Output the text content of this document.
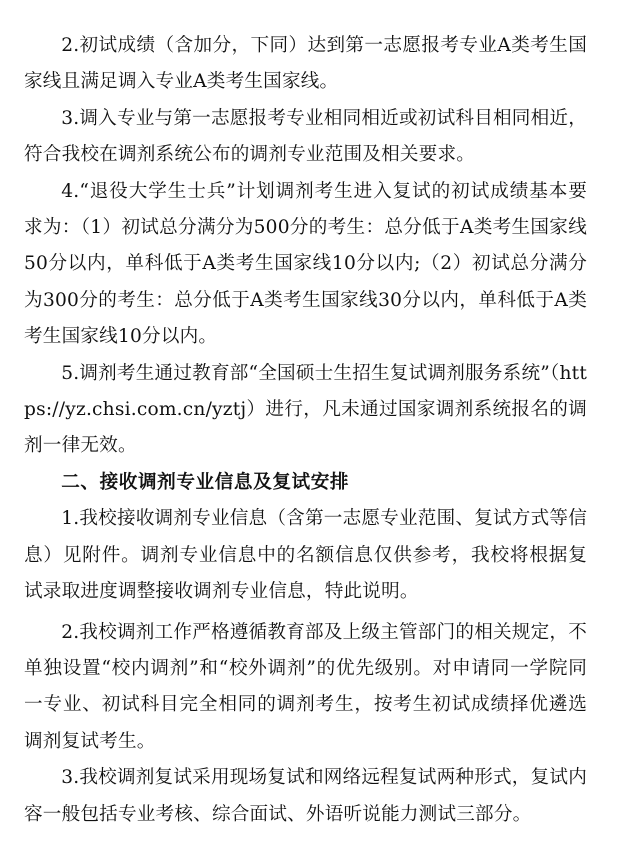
2.初试成绩（含加分，下同）达到第一志愿报考专业A类考生国家线且满足调入专业A类考生国家线。

3.调入专业与第一志愿报考专业相同相近或初试科目相同相近，符合我校在调剂系统公布的调剂专业范围及相关要求。

4.“退役大学生士兵”计划调剂考生进入复试的初试成绩基本要求为：（1）初试总分满分为500分的考生：总分低于A类考生国家线50分以内，单科低于A类考生国家线10分以内;（2）初试总分满分为300分的考生：总分低于A类考生国家线30分以内，单科低于A类考生国家线10分以内。

5.调剂考生通过教育部“全国硕士生招生复试调剂服务系统”（https://yz.chsi.com.cn/yztj）进行，凡未通过国家调剂系统报名的调剂一律无效。

二、接收调剂专业信息及复试安排

1.我校接收调剂专业信息（含第一志愿专业范围、复试方式等信息）见附件。调剂专业信息中的名额信息仅供参考，我校将根据复试录取进度调整接收调剂专业信息，特此说明。

2.我校调剂工作严格遵循教育部及上级主管部门的相关规定，不单独设置“校内调剂”和“校外调剂”的优先级别。对申请同一学院同一专业、初试科目完全相同的调剂考生，按考生初试成绩择优遴选调剂复试考生。

3.我校调剂复试采用现场复试和网络远程复试两种形式，复试内容一般包括专业考核、综合面试、外语听说能力测试三部分。
